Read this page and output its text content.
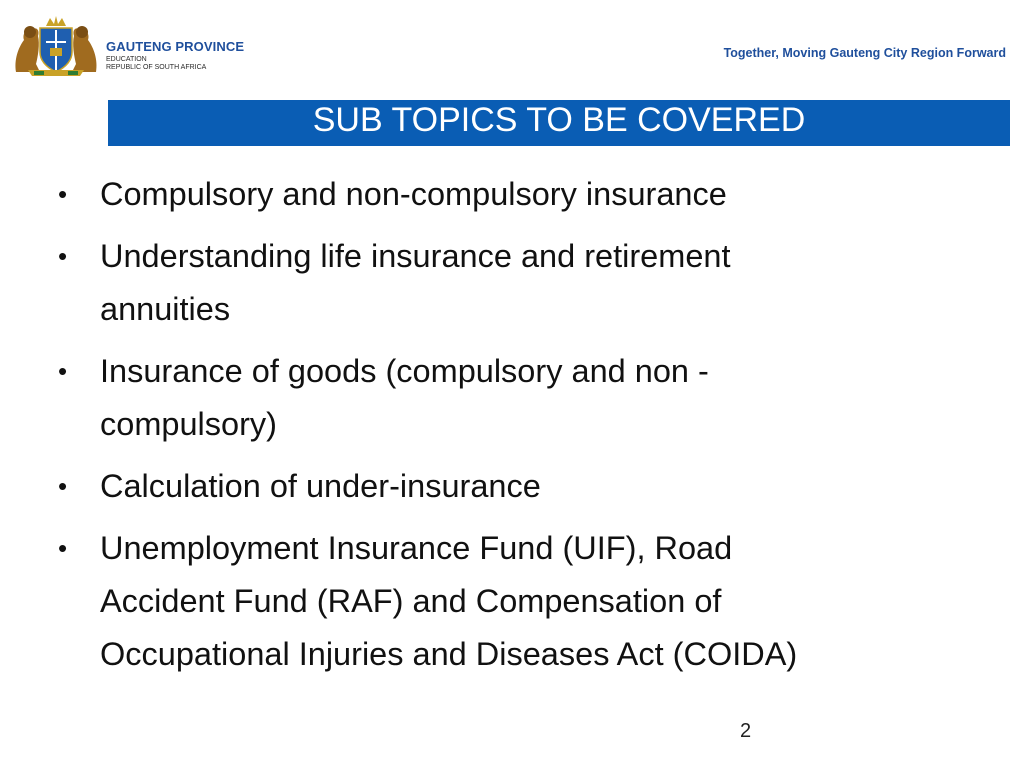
GAUTENG PROVINCE
EDUCATION
REPUBLIC OF SOUTH AFRICA
Together, Moving Gauteng City Region Forward
SUB TOPICS TO BE COVERED
•	Compulsory and non-compulsory insurance
•	Understanding life insurance and retirement
annuities
•	Insurance of goods (compulsory and non -
compulsory)
•	Calculation of under-insurance
•	Unemployment Insurance Fund (UIF), Road
Accident Fund (RAF) and Compensation of
Occupational Injuries and Diseases Act (COIDA)
2
